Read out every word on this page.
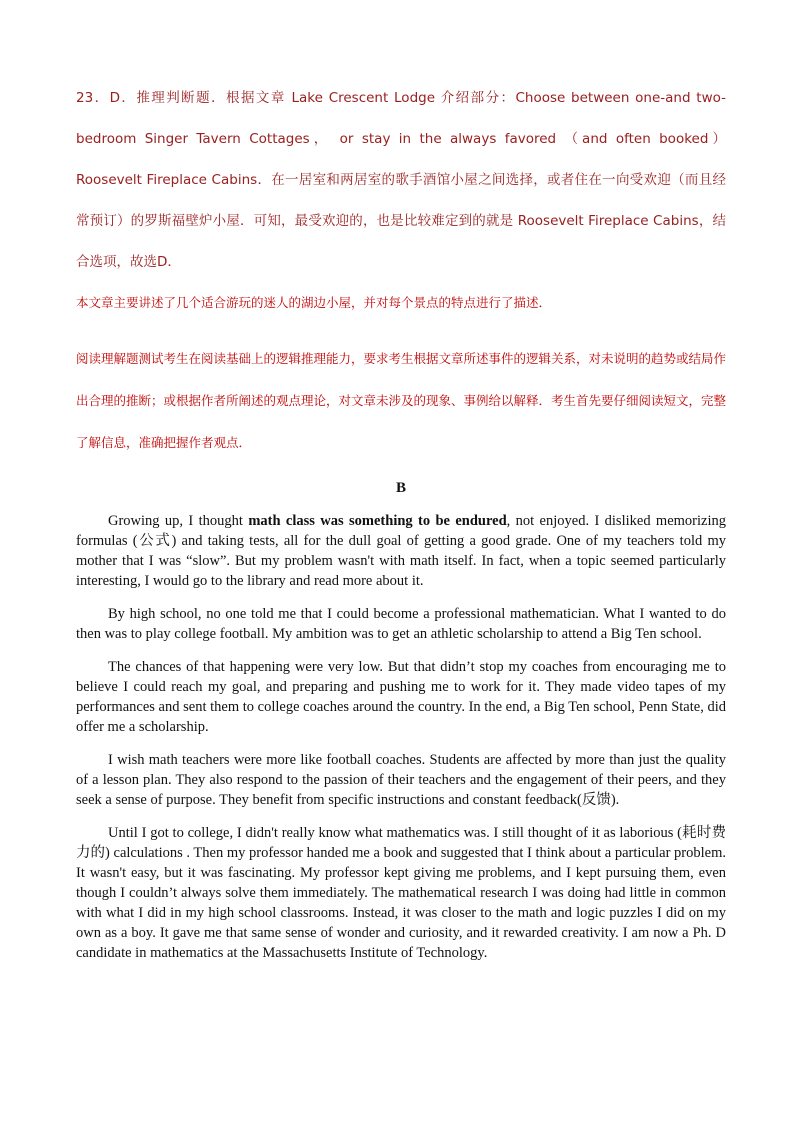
23．D．推理判断题．根据文章 Lake Crescent Lodge 介绍部分：Choose between one-and two-bedroom Singer Tavern Cottages， or stay in the always favored （and often booked） Roosevelt Fireplace Cabins．在一居室和两居室的歌手酒馆小屋之间选择，或者住在一向受欢迎（而且经常预订）的罗斯福壁炉小屋．可知，最受欢迎的，也是比较难定到的就是 Roosevelt Fireplace Cabins，结合选项，故选D．
本文章主要讲述了几个适合游玩的迷人的湖边小屋，并对每个景点的特点进行了描述．
阅读理解题测试考生在阅读基础上的逻辑推理能力，要求考生根据文章所述事件的逻辑关系，对未说明的趋势或结局作出合理的推断；或根据作者所阐述的观点理论，对文章未涉及的现象、事例给以解释．考生首先要仔细阅读短文，完整了解信息，准确把握作者观点．
B

Growing up, I thought math class was something to be endured, not enjoyed. I disliked memorizing formulas (公式) and taking tests, all for the dull goal of getting a good grade. One of my teachers told my mother that I was “slow”. But my problem wasn't with math itself. In fact, when a topic seemed particularly interesting, I would go to the library and read more about it.

By high school, no one told me that I could become a professional mathematician. What I wanted to do then was to play college football. My ambition was to get an athletic scholarship to attend a Big Ten school.

The chances of that happening were very low. But that didn’t stop my coaches from encouraging me to believe I could reach my goal, and preparing and pushing me to work for it. They made video tapes of my performances and sent them to college coaches around the country. In the end, a Big Ten school, Penn State, did offer me a scholarship.

I wish math teachers were more like football coaches. Students are affected by more than just the quality of a lesson plan. They also respond to the passion of their teachers and the engagement of their peers, and they seek a sense of purpose. They benefit from specific instructions and constant feedback(反馈).

Until I got to college, I didn't really know what mathematics was. I still thought of it as laborious (耗时费力的) calculations . Then my professor handed me a book and suggested that I think about a particular problem. It wasn't easy, but it was fascinating. My professor kept giving me problems, and I kept pursuing them, even though I couldn’t always solve them immediately. The mathematical research I was doing had little in common with what I did in my high school classrooms. Instead, it was closer to the math and logic puzzles I did on my own as a boy. It gave me that same sense of wonder and curiosity, and it rewarded creativity. I am now a Ph. D candidate in mathematics at the Massachusetts Institute of Technology.
